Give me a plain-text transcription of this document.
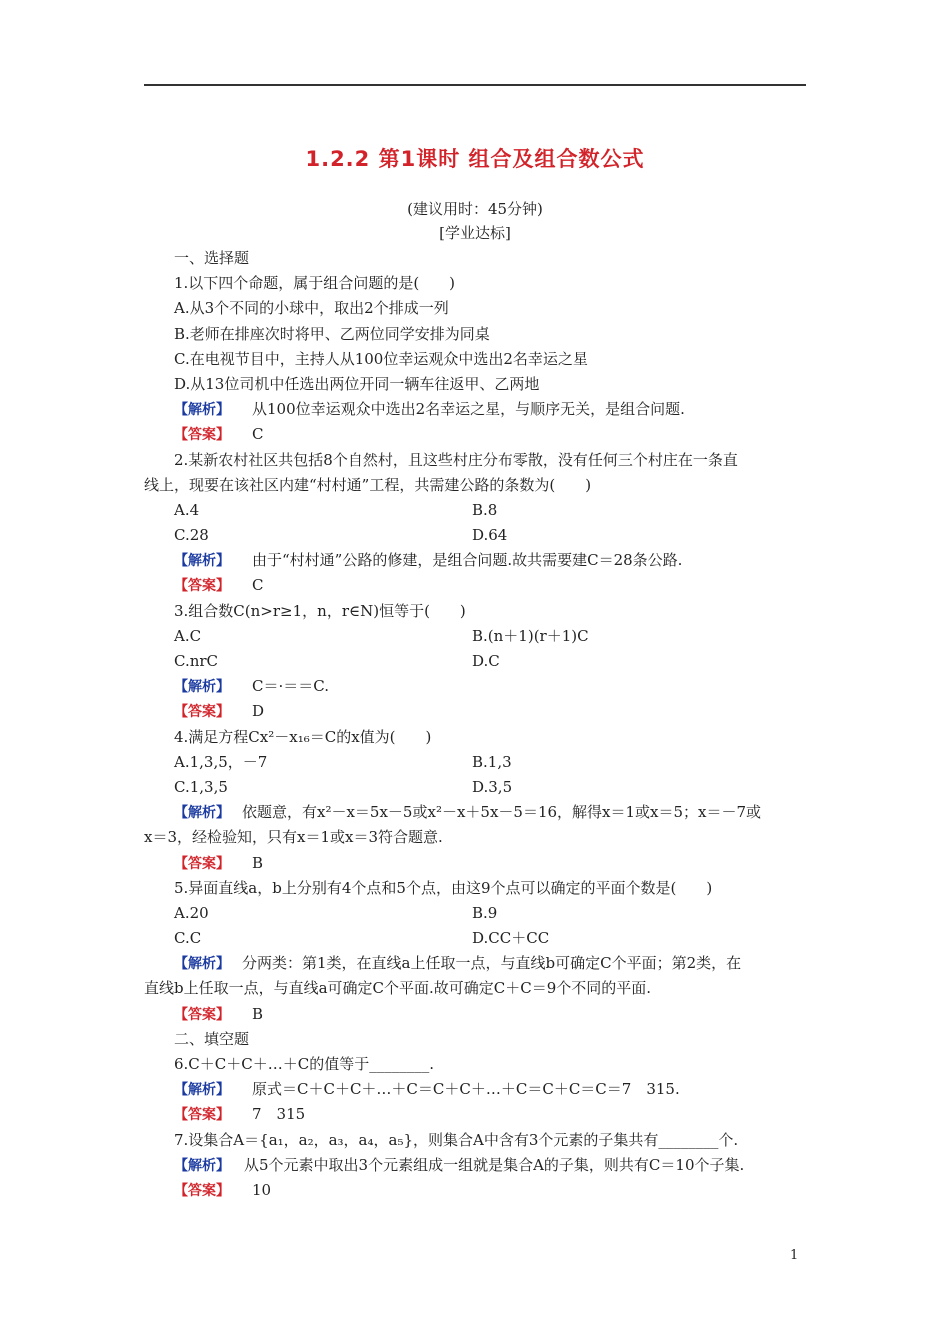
1.2.2 第1课时 组合及组合数公式
(建议用时：45分钟)
[学业达标]
一、选择题
1.以下四个命题，属于组合问题的是(　　)
A.从3个不同的小球中，取出2个排成一列
B.老师在排座次时将甲、乙两位同学安排为同桌
C.在电视节目中，主持人从100位幸运观众中选出2名幸运之星
D.从13位司机中任选出两位开同一辆车往返甲、乙两地
【解析】 从100位幸运观众中选出2名幸运之星，与顺序无关，是组合问题.
【答案】 C
2.某新农村社区共包括8个自然村，且这些村庄分布零散，没有任何三个村庄在一条直
线上，现要在该社区内建“村村通”工程，共需建公路的条数为(　　)
A.4	B.8
C.28	D.64
【解析】 由于“村村通”公路的修建，是组合问题.故共需要建C＝28条公路.
【答案】 C
3.组合数C(n>r≥1，n，r∈N)恒等于(　　)
A.C	B.(n＋1)(r＋1)C
C.nrC	D.C
【解析】 C＝·＝＝C.
【答案】 D
4.满足方程Cx²－x₁₆＝C的x值为(　　)
A.1,3,5，－7	B.1,3
C.1,3,5	D.3,5
【解析】 依题意，有x²－x＝5x－5或x²－x＋5x－5＝16，解得x＝1或x＝5；x＝－7或
x＝3，经检验知，只有x＝1或x＝3符合题意.
【答案】 B
5.异面直线a，b上分别有4个点和5个点，由这9个点可以确定的平面个数是(　　)
A.20	B.9
C.C	D.CC＋CC
【解析】 分两类：第1类，在直线a上任取一点，与直线b可确定C个平面；第2类，在
直线b上任取一点，与直线a可确定C个平面.故可确定C＋C＝9个不同的平面.
【答案】 B
二、填空题
6.C＋C＋C＋…＋C的值等于________.
【解析】 原式＝C＋C＋C＋…＋C＝C＋C＋…＋C＝C＋C＝C＝7　315.
【答案】 7　315
7.设集合A＝{a₁，a₂，a₃，a₄，a₅}，则集合A中含有3个元素的子集共有________个.
【解析】 从5个元素中取出3个元素组成一组就是集合A的子集，则共有C＝10个子集.
【答案】 10
1
